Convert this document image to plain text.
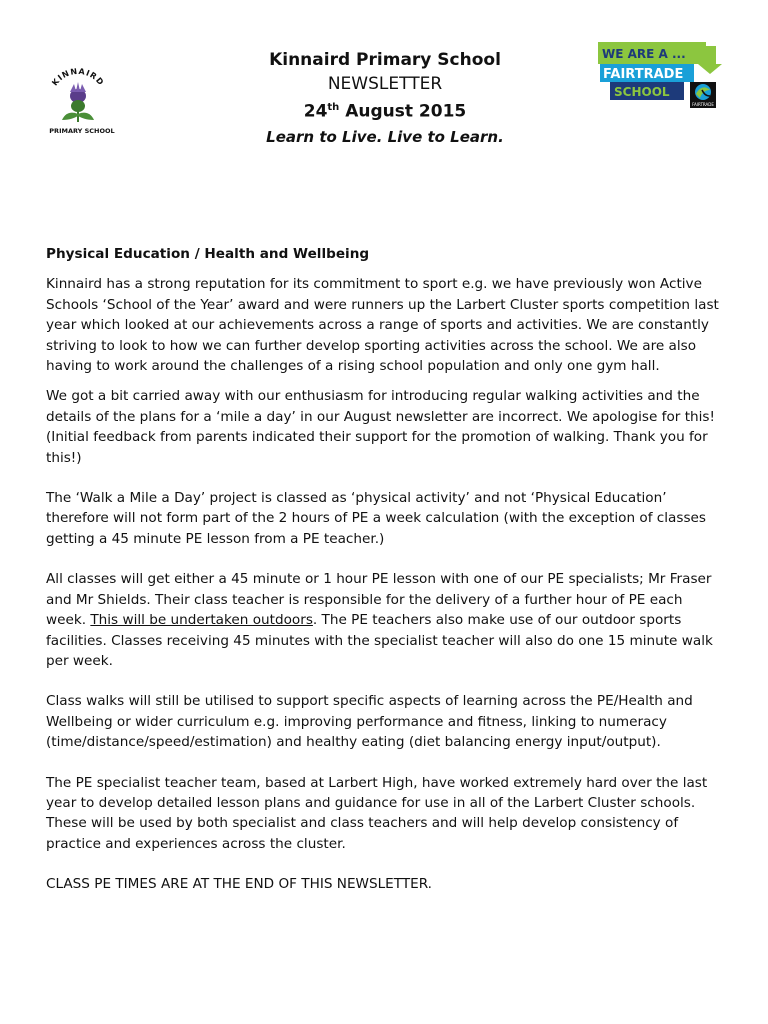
KINNAIRD
PRIMARY SCHOOL
Kinnaird Primary School
NEWSLETTER
24th August 2015
Learn to Live. Live to Learn.
WE ARE A ...
FAIRTRADE
SCHOOL
FAIRTRADE
Physical Education / Health and Wellbeing

Kinnaird has a strong reputation for its commitment to sport e.g. we have previously won Active Schools ‘School of the Year’ award and were runners up the Larbert Cluster sports competition last year which looked at our achievements across a range of sports and activities. We are constantly striving to look to how we can further develop sporting activities across the school. We are also having to work around the challenges of a rising school population and only one gym hall.

We got a bit carried away with our enthusiasm for introducing regular walking activities and the details of the plans for a ‘mile a day’ in our August newsletter are incorrect. We apologise for this! (Initial feedback from parents indicated their support for the promotion of walking. Thank you for this!)

The ‘Walk a Mile a Day’ project is classed as ‘physical activity’ and not ‘Physical Education’ therefore will not form part of the 2 hours of PE a week calculation (with the exception of classes getting a 45 minute PE lesson from a PE teacher.)

All classes will get either a 45 minute or 1 hour PE lesson with one of our PE specialists; Mr Fraser and Mr Shields. Their class teacher is responsible for the delivery of a further hour of PE each week. This will be undertaken outdoors. The PE teachers also make use of our outdoor sports facilities. Classes receiving 45 minutes with the specialist teacher will also do one 15 minute walk per week.

Class walks will still be utilised to support specific aspects of learning across the PE/Health and Wellbeing or wider curriculum e.g. improving performance and fitness, linking to numeracy (time/distance/speed/estimation) and healthy eating (diet balancing energy input/output).

The PE specialist teacher team, based at Larbert High, have worked extremely hard over the last year to develop detailed lesson plans and guidance for use in all of the Larbert Cluster schools. These will be used by both specialist and class teachers and will help develop consistency of practice and experiences across the cluster.

CLASS PE TIMES ARE AT THE END OF THIS NEWSLETTER.
